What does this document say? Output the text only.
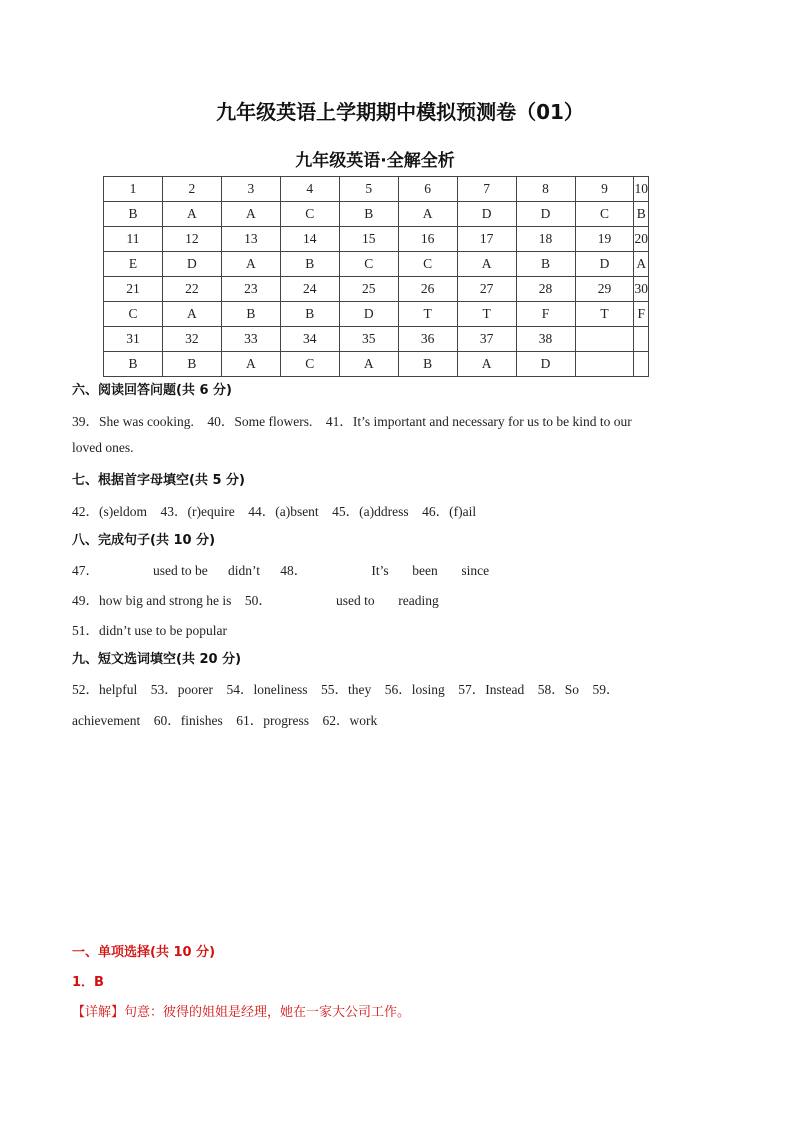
九年级英语上学期期中模拟预测卷（01）
九年级英语·全解全析
1	2	3	4	5	6	7	8	9	10
B	A	A	C	B	A	D	D	C	B
11	12	13	14	15	16	17	18	19	20
E	D	A	B	C	C	A	B	D	A
21	22	23	24	25	26	27	28	29	30
C	A	B	B	D	T	T	F	T	F
31	32	33	34	35	36	37	38		
B	B	A	C	A	B	A	D		
六、阅读回答问题(共 6 分)
39．She was cooking.    40．Some flowers.    41．It’s important and necessary for us to be kind to our
loved ones.
七、根据首字母填空(共 5 分)
42．(s)eldom    43．(r)equire    44．(a)bsent    45．(a)ddress    46．(f)ail
八、完成句子(共 10 分)
47．                used to be      didn’t      48．                   It’s       been       since
49．how big and strong he is    50．                   used to       reading
51．didn’t use to be popular
九、短文选词填空(共 20 分)
52．helpful    53．poorer    54．loneliness    55．they    56．losing    57．Instead    58．So    59．
achievement    60．finishes    61．progress    62．work
一、单项选择(共 10 分)
1．B
【详解】句意：彼得的姐姐是经理，她在一家大公司工作。
